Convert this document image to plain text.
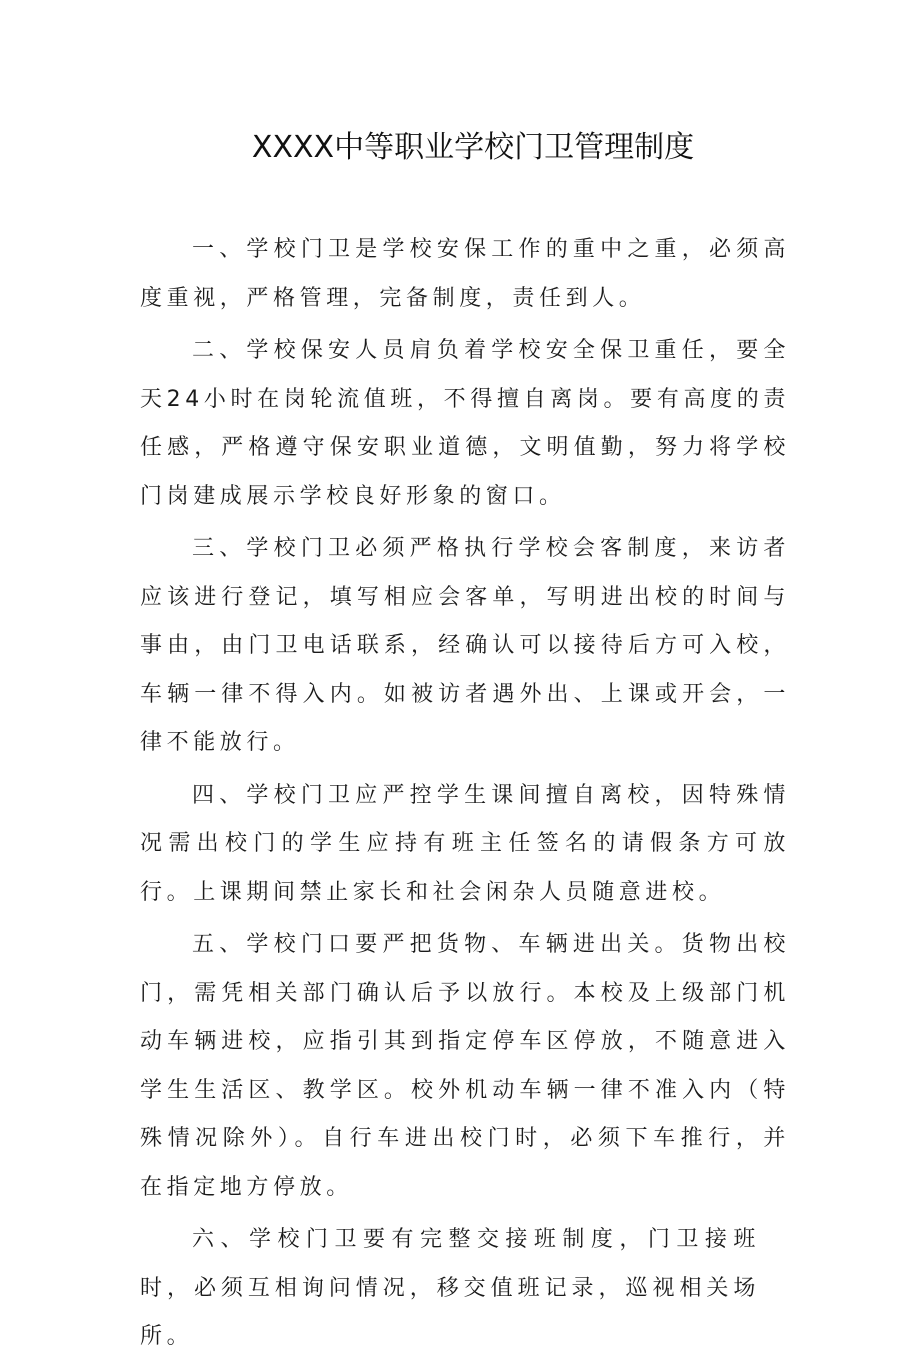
XXXX中等职业学校门卫管理制度

一、学校门卫是学校安保工作的重中之重，必须高度重视，严格管理，完备制度，责任到人。

二、学校保安人员肩负着学校安全保卫重任，要全天24小时在岗轮流值班，不得擅自离岗。要有高度的责任感，严格遵守保安职业道德，文明值勤，努力将学校门岗建成展示学校良好形象的窗口。

三、学校门卫必须严格执行学校会客制度，来访者应该进行登记，填写相应会客单，写明进出校的时间与事由，由门卫电话联系，经确认可以接待后方可入校，车辆一律不得入内。如被访者遇外出、上课或开会，一律不能放行。

四、学校门卫应严控学生课间擅自离校，因特殊情况需出校门的学生应持有班主任签名的请假条方可放行。上课期间禁止家长和社会闲杂人员随意进校。

五、学校门口要严把货物、车辆进出关。货物出校门，需凭相关部门确认后予以放行。本校及上级部门机动车辆进校，应指引其到指定停车区停放，不随意进入学生生活区、教学区。校外机动车辆一律不准入内（特殊情况除外）。自行车进出校门时，必须下车推行，并在指定地方停放。

六、学校门卫要有完整交接班制度，门卫接班时，必须互相询问情况，移交值班记录，巡视相关场所。
